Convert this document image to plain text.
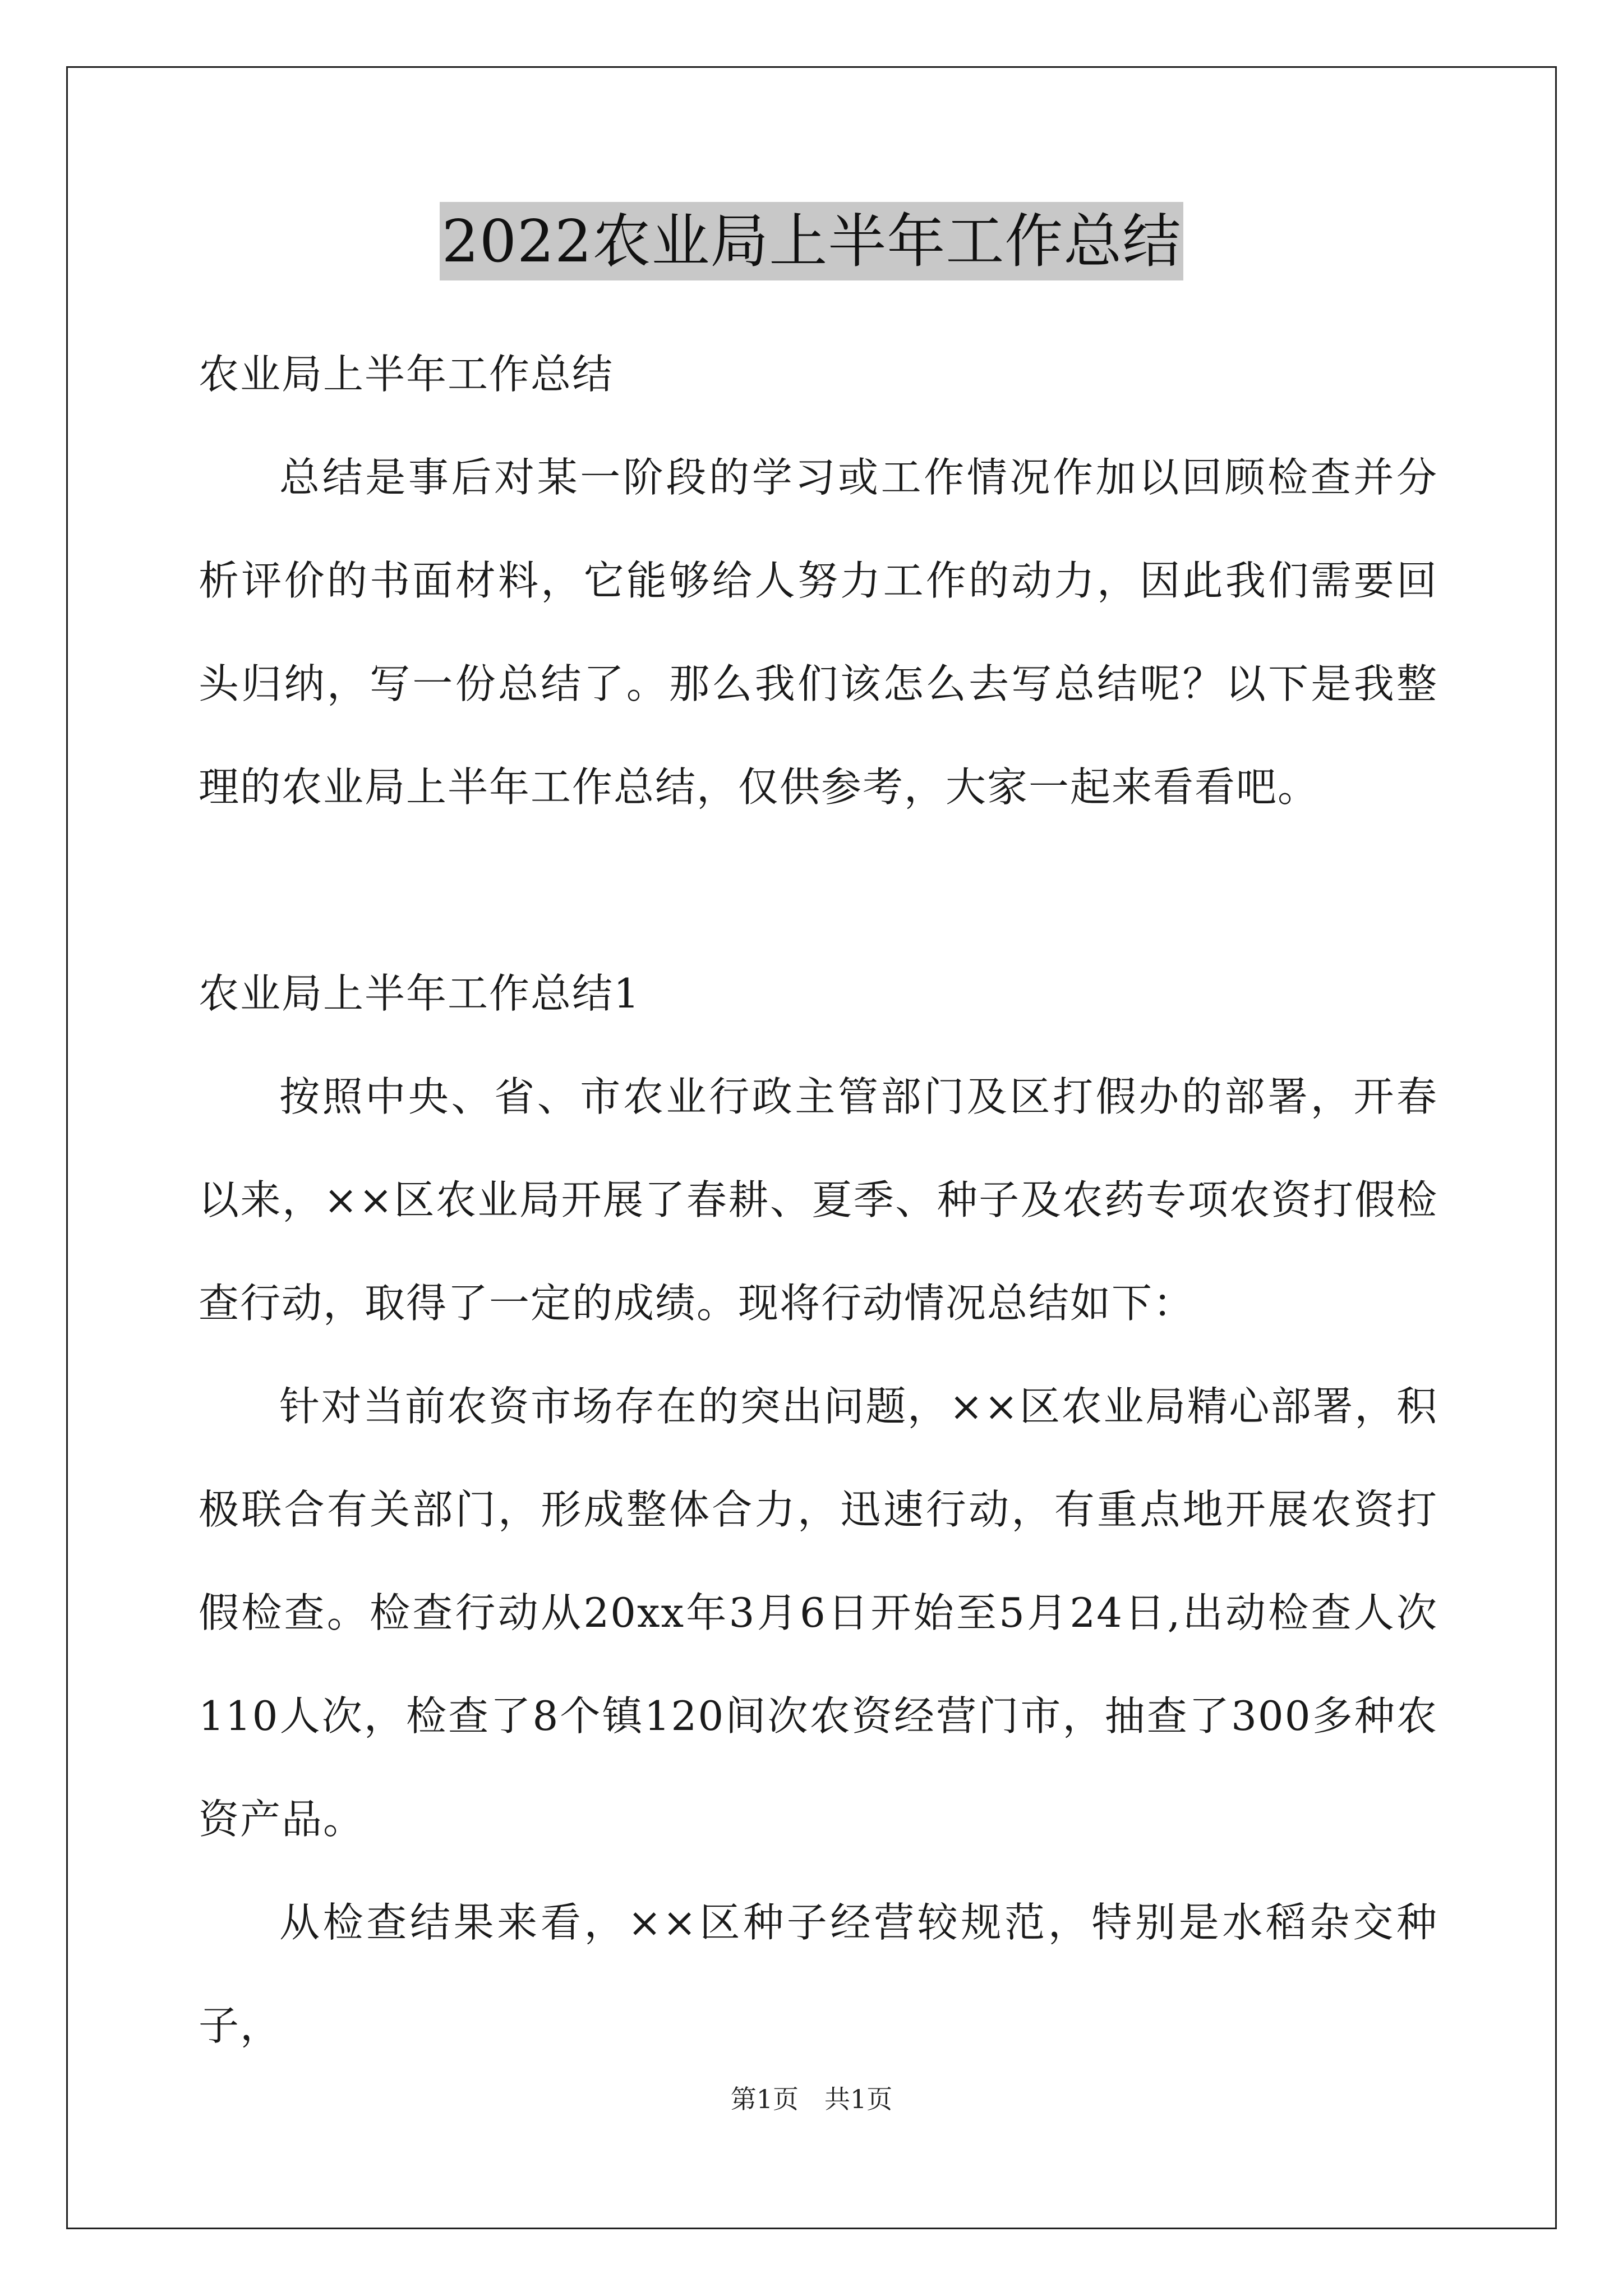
2022农业局上半年工作总结

农业局上半年工作总结

总结是事后对某一阶段的学习或工作情况作加以回顾检查并分析评价的书面材料，它能够给人努力工作的动力，因此我们需要回头归纳，写一份总结了。那么我们该怎么去写总结呢？以下是我整理的农业局上半年工作总结，仅供参考，大家一起来看看吧。

农业局上半年工作总结1

按照中央、省、市农业行政主管部门及区打假办的部署，开春以来，××区农业局开展了春耕、夏季、种子及农药专项农资打假检查行动，取得了一定的成绩。现将行动情况总结如下：

针对当前农资市场存在的突出问题，××区农业局精心部署，积极联合有关部门，形成整体合力，迅速行动，有重点地开展农资打假检查。检查行动从20xx年3月6日开始至5月24日,出动检查人次110人次，检查了8个镇120间次农资经营门市，抽查了300多种农资产品。

从检查结果来看，××区种子经营较规范，特别是水稻杂交种子，

第1页 共1页
